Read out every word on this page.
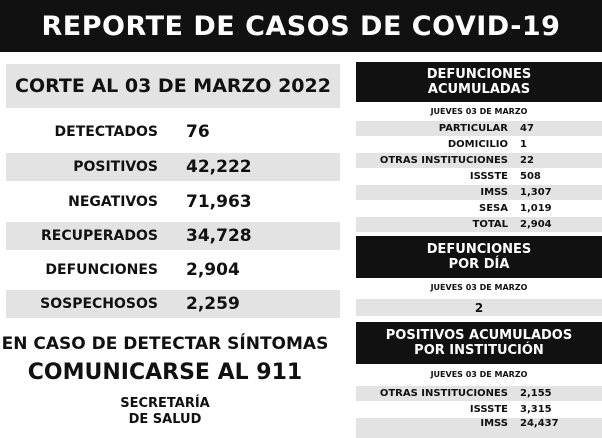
REPORTE DE CASOS DE COVID-19
CORTE AL 03 DE MARZO 2022
DETECTADOS	76
POSITIVOS	42,222
NEGATIVOS	71,963
RECUPERADOS	34,728
DEFUNCIONES	2,904
SOSPECHOSOS	2,259
EN CASO DE DETECTAR SÍNTOMAS
COMUNICARSE AL 911
SECRETARÍA
DE SALUD
DEFUNCIONES
ACUMULADAS
JUEVES 03 DE MARZO
PARTICULAR	47
DOMICILIO	1
OTRAS INSTITUCIONES	22
ISSSTE	508
IMSS	1,307
SESA	1,019
TOTAL	2,904
DEFUNCIONES
POR DÍA
JUEVES 03 DE MARZO
2
POSITIVOS ACUMULADOS
POR INSTITUCIÓN
JUEVES 03 DE MARZO
OTRAS INSTITUCIONES	2,155
ISSSTE	3,315
IMSS	24,437
